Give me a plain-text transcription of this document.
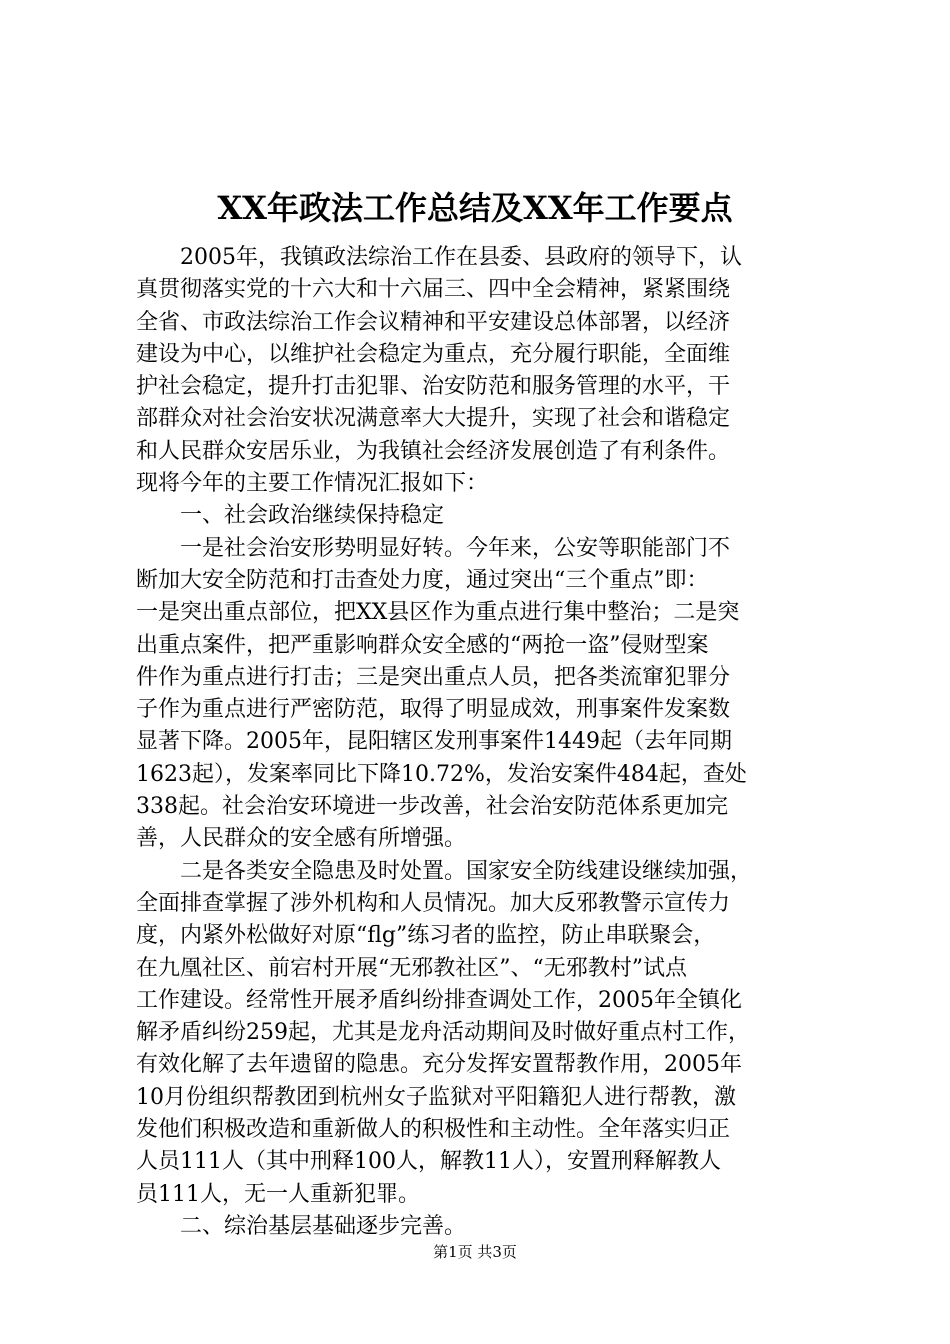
XX年政法工作总结及XX年工作要点
2005年，我镇政法综治工作在县委、县政府的领导下，认
真贯彻落实党的十六大和十六届三、四中全会精神，紧紧围绕
全省、市政法综治工作会议精神和平安建设总体部署，以经济
建设为中心，以维护社会稳定为重点，充分履行职能，全面维
护社会稳定，提升打击犯罪、治安防范和服务管理的水平，干
部群众对社会治安状况满意率大大提升，实现了社会和谐稳定
和人民群众安居乐业，为我镇社会经济发展创造了有利条件。
现将今年的主要工作情况汇报如下：
一、社会政治继续保持稳定
一是社会治安形势明显好转。今年来，公安等职能部门不
断加大安全防范和打击查处力度，通过突出“三个重点”即：
一是突出重点部位，把XX县区作为重点进行集中整治；二是突
出重点案件，把严重影响群众安全感的“两抢一盗”侵财型案
件作为重点进行打击；三是突出重点人员，把各类流窜犯罪分
子作为重点进行严密防范，取得了明显成效，刑事案件发案数
显著下降。2005年，昆阳辖区发刑事案件1449起（去年同期
1623起），发案率同比下降10.72%，发治安案件484起，查处
338起。社会治安环境进一步改善，社会治安防范体系更加完
善，人民群众的安全感有所增强。
二是各类安全隐患及时处置。国家安全防线建设继续加强，
全面排查掌握了涉外机构和人员情况。加大反邪教警示宣传力
度，内紧外松做好对原“flg”练习者的监控，防止串联聚会，
在九凰社区、前宕村开展“无邪教社区”、“无邪教村”试点
工作建设。经常性开展矛盾纠纷排查调处工作，2005年全镇化
解矛盾纠纷259起，尤其是龙舟活动期间及时做好重点村工作，
有效化解了去年遗留的隐患。充分发挥安置帮教作用，2005年
10月份组织帮教团到杭州女子监狱对平阳籍犯人进行帮教，激
发他们积极改造和重新做人的积极性和主动性。全年落实归正
人员111人（其中刑释100人，解教11人），安置刑释解教人
员111人，无一人重新犯罪。
二、综治基层基础逐步完善。
第1页 共3页
